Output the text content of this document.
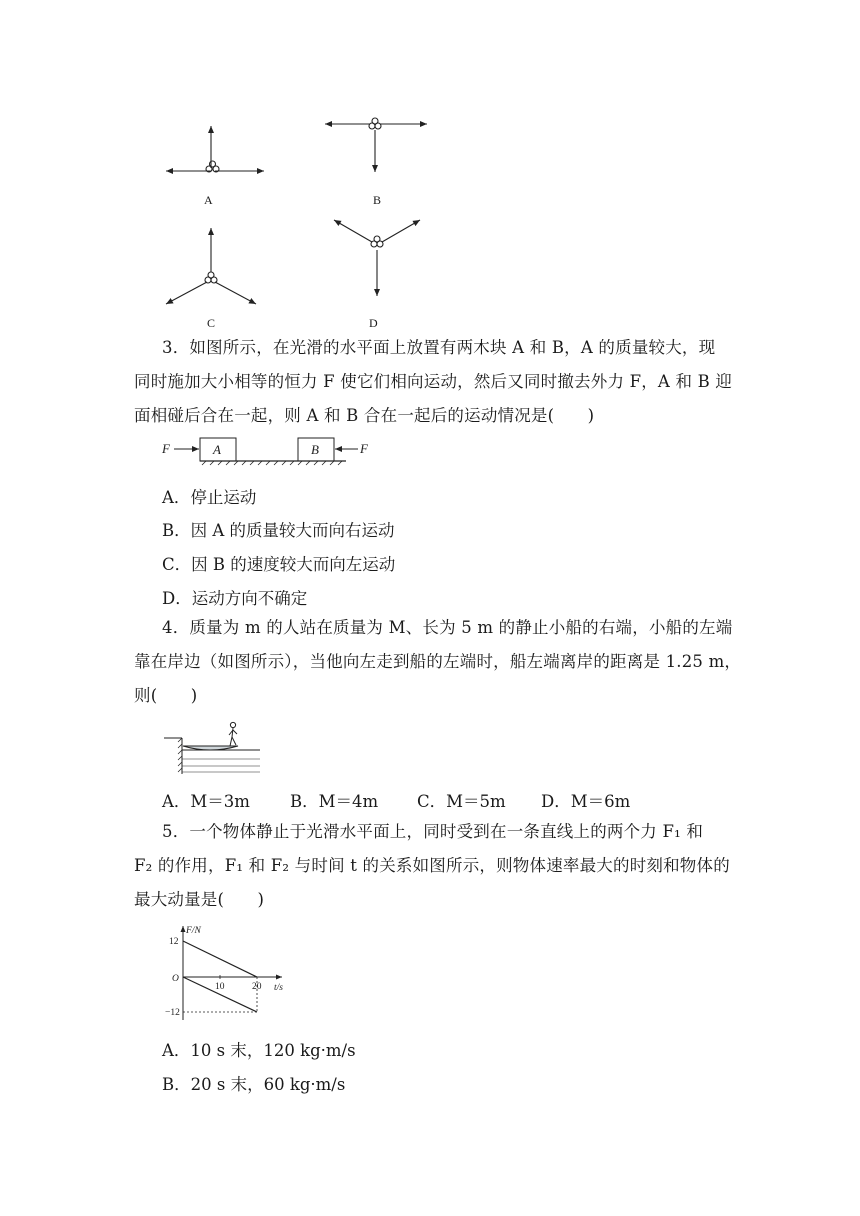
A	B
C	D
3．如图所示，在光滑的水平面上放置有两木块 A 和 B，A 的质量较大，现
同时施加大小相等的恒力 F 使它们相向运动，然后又同时撤去外力 F，A 和 B 迎
面相碰后合在一起，则 A 和 B 合在一起后的运动情况是(　　)
F	F
A	B
A．停止运动
B．因 A 的质量较大而向右运动
C．因 B 的速度较大而向左运动
D．运动方向不确定
4．质量为 m 的人站在质量为 M、长为 5 m 的静止小船的右端，小船的左端
靠在岸边（如图所示），当他向左走到船的左端时，船左端离岸的距离是 1.25 m，
则(　　)
A．M＝3m B．M＝4m C．M＝5m D．M＝6m
5．一个物体静止于光滑水平面上，同时受到在一条直线上的两个力 F₁ 和
F₂ 的作用，F₁ 和 F₂ 与时间 t 的关系如图所示，则物体速率最大的时刻和物体的
最大动量是(　　)
F/N
t/s
O
12
−12
10	20
A．10 s 末，120 kg·m/s
B．20 s 末，60 kg·m/s
